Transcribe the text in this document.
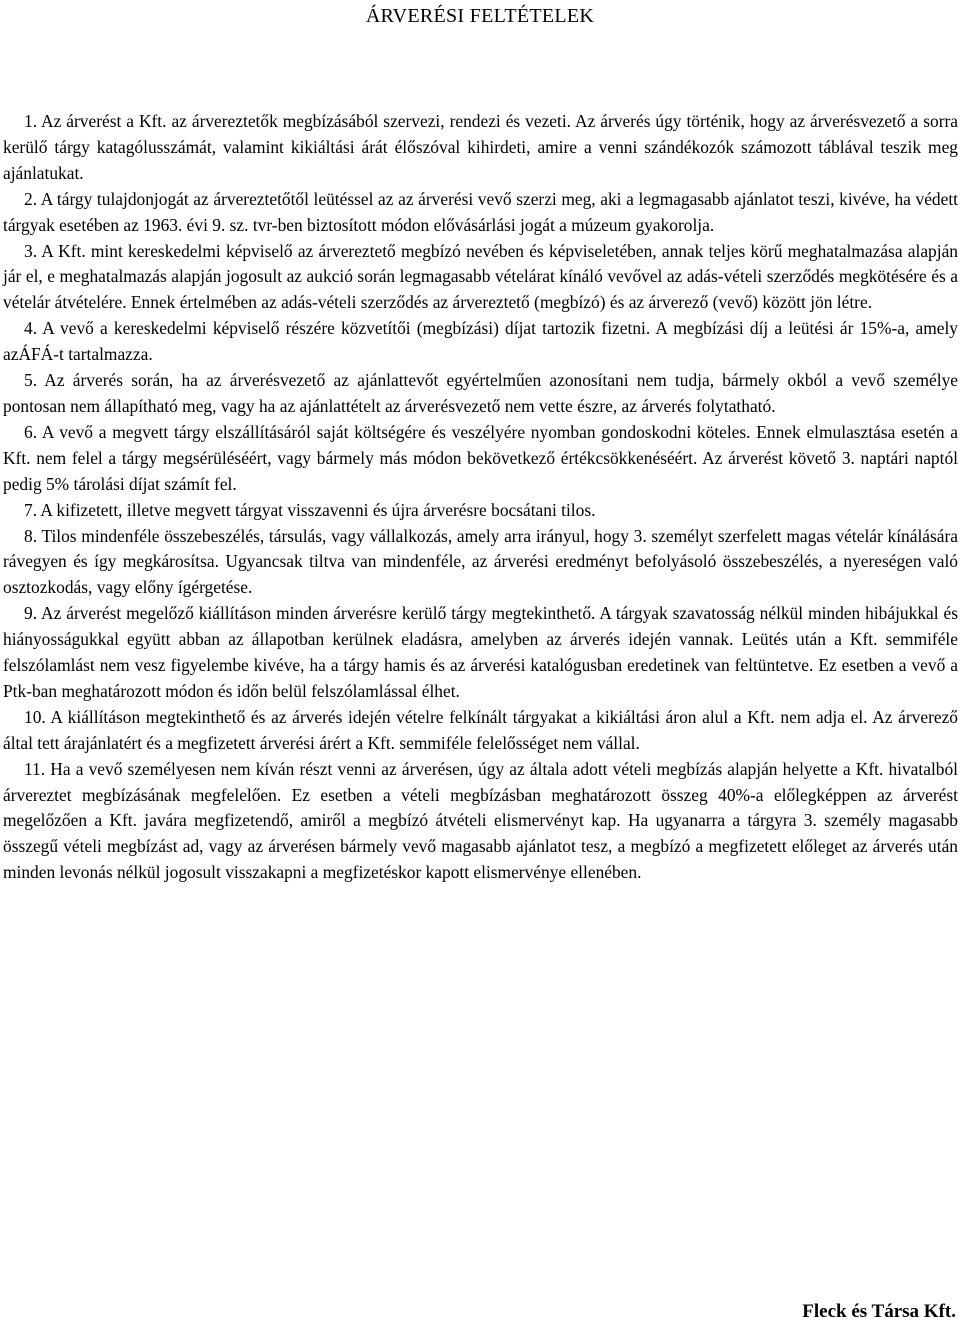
ÁRVERÉSI FELTÉTELEK

1. Az árverést a Kft. az árvereztetők megbízásából szervezi, rendezi és vezeti. Az árverés úgy történik, hogy az árverésvezető a sorra kerülő tárgy katagólusszámát, valamint kikiáltási árát élőszóval kihirdeti, amire a venni szándékozók számozott táblával teszik meg ajánlatukat.

2. A tárgy tulajdonjogát az árvereztetőtől leütéssel az az árverési vevő szerzi meg, aki a legmagasabb ajánlatot teszi, kivéve, ha védett tárgyak esetében az 1963. évi 9. sz. tvr-ben biztosított módon elővásárlási jogát a múzeum gyakorolja.

3. A Kft. mint kereskedelmi képviselő az árvereztető megbízó nevében és képviseletében, annak teljes körű meghatalmazása alapján jár el, e meghatalmazás alapján jogosult az aukció során legmagasabb vételárat kínáló vevővel az adás-vételi szerződés megkötésére és a vételár átvételére. Ennek értelmében az adás-vételi szerződés az árvereztető (megbízó) és az árverező (vevő) között jön létre.

4. A vevő a kereskedelmi képviselő részére közvetítői (megbízási) díjat tartozik fizetni. A megbízási díj a leütési ár 15%-a, amely azÁFÁ-t tartalmazza.

5. Az árverés során, ha az árverésvezető az ajánlattevőt egyértelműen azonosítani nem tudja, bármely okból a vevő személye pontosan nem állapítható meg, vagy ha az ajánlattételt az árverésvezető nem vette észre, az árverés folytatható.

6. A vevő a megvett tárgy elszállításáról saját költségére és veszélyére nyomban gondoskodni köteles. Ennek elmulasztása esetén a Kft. nem felel a tárgy megsérüléséért, vagy bármely más módon bekövetkező értékcsökkenéséért. Az árverést követő 3. naptári naptól pedig 5% tárolási díjat számít fel.

7. A kifizetett, illetve megvett tárgyat visszavenni és újra árverésre bocsátani tilos.

8. Tilos mindenféle összebeszélés, társulás, vagy vállalkozás, amely arra irányul, hogy 3. személyt szerfelett magas vételár kínálására rávegyen és így megkárosítsa. Ugyancsak tiltva van mindenféle, az árverési eredményt befolyásoló összebeszélés, a nyereségen való osztozkodás, vagy előny ígérgetése.

9. Az árverést megelőző kiállításon minden árverésre kerülő tárgy megtekinthető. A tárgyak szavatosság nélkül minden hibájukkal és hiányosságukkal együtt abban az állapotban kerülnek eladásra, amelyben az árverés idején vannak. Leütés után a Kft. semmiféle felszólamlást nem vesz figyelembe kivéve, ha a tárgy hamis és az árverési katalógusban eredetinek van feltüntetve. Ez esetben a vevő a Ptk-ban meghatározott módon és időn belül felszólamlással élhet.

10. A kiállításon megtekinthető és az árverés idején vételre felkínált tárgyakat a kikiáltási áron alul a Kft. nem adja el. Az árverező által tett árajánlatért és a megfizetett árverési árért a Kft. semmiféle felelősséget nem vállal.

11. Ha a vevő személyesen nem kíván részt venni az árverésen, úgy az általa adott vételi megbízás alapján helyette a Kft. hivatalból árvereztet megbízásának megfelelően. Ez esetben a vételi megbízásban meghatározott összeg 40%-a előlegképpen az árverést megelőzően a Kft. javára megfizetendő, amiről a megbízó átvételi elismervényt kap. Ha ugyanarra a tárgyra 3. személy magasabb összegű vételi megbízást ad, vagy az árverésen bármely vevő magasabb ajánlatot tesz, a megbízó a megfizetett előleget az árverés után minden levonás nélkül jogosult visszakapni a megfizetéskor kapott elismervénye ellenében.

Fleck és Társa Kft.
